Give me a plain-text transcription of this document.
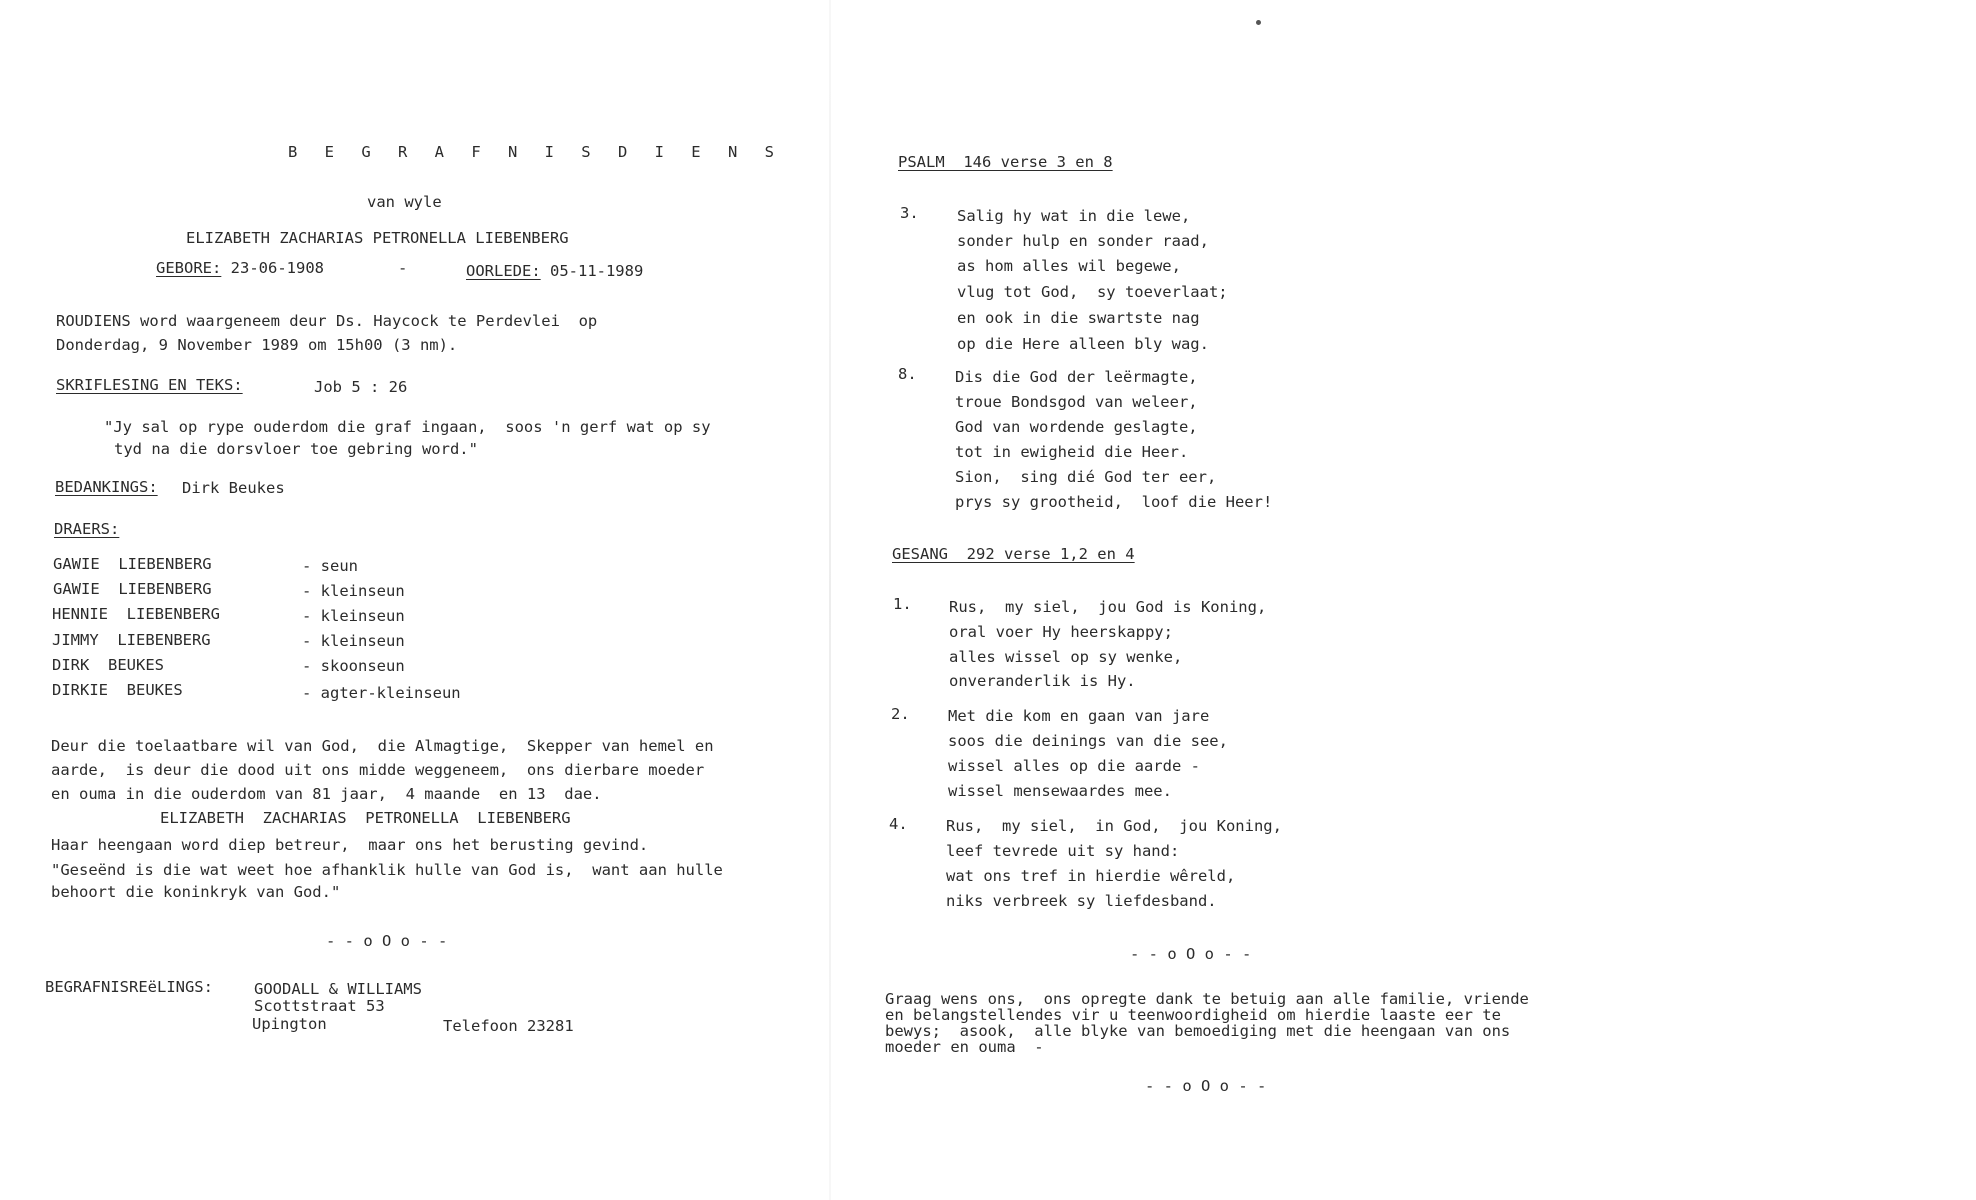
B E G R A F N I S D I E N S
van wyle
ELIZABETH ZACHARIAS PETRONELLA LIEBENBERG
GEBORE: 23-06-1908	-	OORLEDE: 05-11-1989
ROUDIENS word waargeneem deur Ds. Haycock te Perdevlei  op
Donderdag, 9 November 1989 om 15h00 (3 nm).
SKRIFLESING EN TEKS:	Job 5 : 26
"Jy sal op rype ouderdom die graf ingaan,  soos 'n gerf wat op sy
tyd na die dorsvloer toe gebring word."
BEDANKINGS: Dirk Beukes
DRAERS:
GAWIE  LIEBENBERG	- seun
GAWIE  LIEBENBERG	- kleinseun
HENNIE  LIEBENBERG	- kleinseun
JIMMY  LIEBENBERG	- kleinseun
DIRK  BEUKES	- skoonseun
DIRKIE  BEUKES	- agter-kleinseun
Deur die toelaatbare wil van God,  die Almagtige,  Skepper van hemel en
aarde,  is deur die dood uit ons midde weggeneem,  ons dierbare moeder
en ouma in die ouderdom van 81 jaar,  4 maande  en 13  dae.
ELIZABETH  ZACHARIAS  PETRONELLA  LIEBENBERG
Haar heengaan word diep betreur,  maar ons het berusting gevind.
"Geseënd is die wat weet hoe afhanklik hulle van God is,  want aan hulle
behoort die koninkryk van God."
- - o O o - -
BEGRAFNISREëLINGS:	GOODALL & WILLIAMS
Scottstraat 53
Upington	Telefoon 23281
PSALM  146 verse 3 en 8
3. Salig hy wat in die lewe,
sonder hulp en sonder raad,
as hom alles wil begewe,
vlug tot God,  sy toeverlaat;
en ook in die swartste nag
op die Here alleen bly wag.
8. Dis die God der leërmagte,
troue Bondsgod van weleer,
God van wordende geslagte,
tot in ewigheid die Heer.
Sion,  sing dié God ter eer,
prys sy grootheid,  loof die Heer!
GESANG  292 verse 1,2 en 4
1. Rus,  my siel,  jou God is Koning,
oral voer Hy heerskappy;
alles wissel op sy wenke,
onveranderlik is Hy.
2. Met die kom en gaan van jare
soos die deinings van die see,
wissel alles op die aarde -
wissel mensewaardes mee.
4. Rus,  my siel,  in God,  jou Koning,
leef tevrede uit sy hand:
wat ons tref in hierdie wêreld,
niks verbreek sy liefdesband.
- - o O o - -
Graag wens ons,  ons opregte dank te betuig aan alle familie, vriende
en belangstellendes vir u teenwoordigheid om hierdie laaste eer te
bewys;  asook,  alle blyke van bemoediging met die heengaan van ons
moeder en ouma  -
- - o O o - -
